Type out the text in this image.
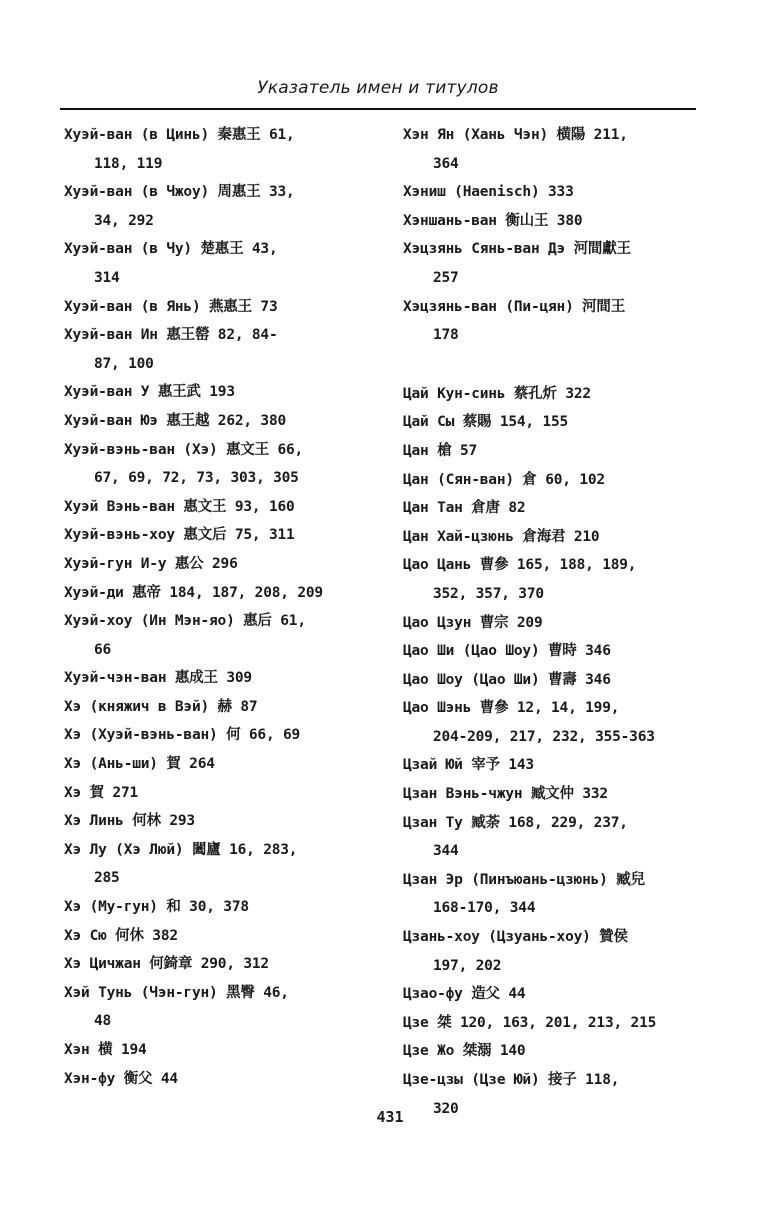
Указатель имен и титулов
Хуэй-ван (в Цинь) 秦惠王 61,
118, 119
Хуэй-ван (в Чжоу) 周惠王 33,
34, 292
Хуэй-ван (в Чу) 楚惠王 43,
314
Хуэй-ван (в Янь) 燕惠王 73
Хуэй-ван Ин 惠王罃 82, 84-
87, 100
Хуэй-ван У 惠王武 193
Хуэй-ван Юэ 惠王越 262, 380
Хуэй-вэнь-ван (Хэ) 惠文王 66,
67, 69, 72, 73, 303, 305
Хуэй Вэнь-ван 惠文王 93, 160
Хуэй-вэнь-хоу 惠文后 75, 311
Хуэй-гун И-у 惠公 296
Хуэй-ди 惠帝 184, 187, 208, 209
Хуэй-хоу (Ин Мэн-яо) 惠后 61,
66
Хуэй-чэн-ван 惠成王 309
Хэ (княжич в Вэй) 赫 87
Хэ (Хуэй-вэнь-ван) 何 66, 69
Хэ (Ань-ши) 賀 264
Хэ 賀 271
Хэ Линь 何林 293
Хэ Лу (Хэ Люй) 闔廬 16, 283,
285
Хэ (Му-гун) 和 30, 378
Хэ Сю 何休 382
Хэ Цичжан 何錡章 290, 312
Хэй Тунь (Чэн-гун) 黑臀 46,
48
Хэн 横 194
Хэн-фу 衡父 44
Хэн Ян (Хань Чэн) 横陽 211,
364
Хэниш (Haenisch) 333
Хэншань-ван 衡山王 380
Хэцзянь Сянь-ван Дэ 河間獻王
257
Хэцзянь-ван (Пи-цян) 河間王
178
Цай Кун-синь 蔡孔炘 322
Цай Сы 蔡賜 154, 155
Цан 槍 57
Цан (Сян-ван) 倉 60, 102
Цан Тан 倉唐 82
Цан Хай-цзюнь 倉海君 210
Цао Цань 曹參 165, 188, 189,
352, 357, 370
Цао Цзун 曹宗 209
Цао Ши (Цао Шоу) 曹時 346
Цао Шоу (Цао Ши) 曹壽 346
Цао Шэнь 曹參 12, 14, 199,
204-209, 217, 232, 355-363
Цзай Юй 宰予 143
Цзан Вэнь-чжун 臧文仲 332
Цзан Ту 臧荼 168, 229, 237,
344
Цзан Эр (Пинъюань-цзюнь) 臧兒
168-170, 344
Цзань-хоу (Цзуань-хоу) 贊侯
197, 202
Цзао-фу 造父 44
Цзе 桀 120, 163, 201, 213, 215
Цзе Жо 桀溺 140
Цзе-цзы (Цзе Юй) 接子 118,
320
431
